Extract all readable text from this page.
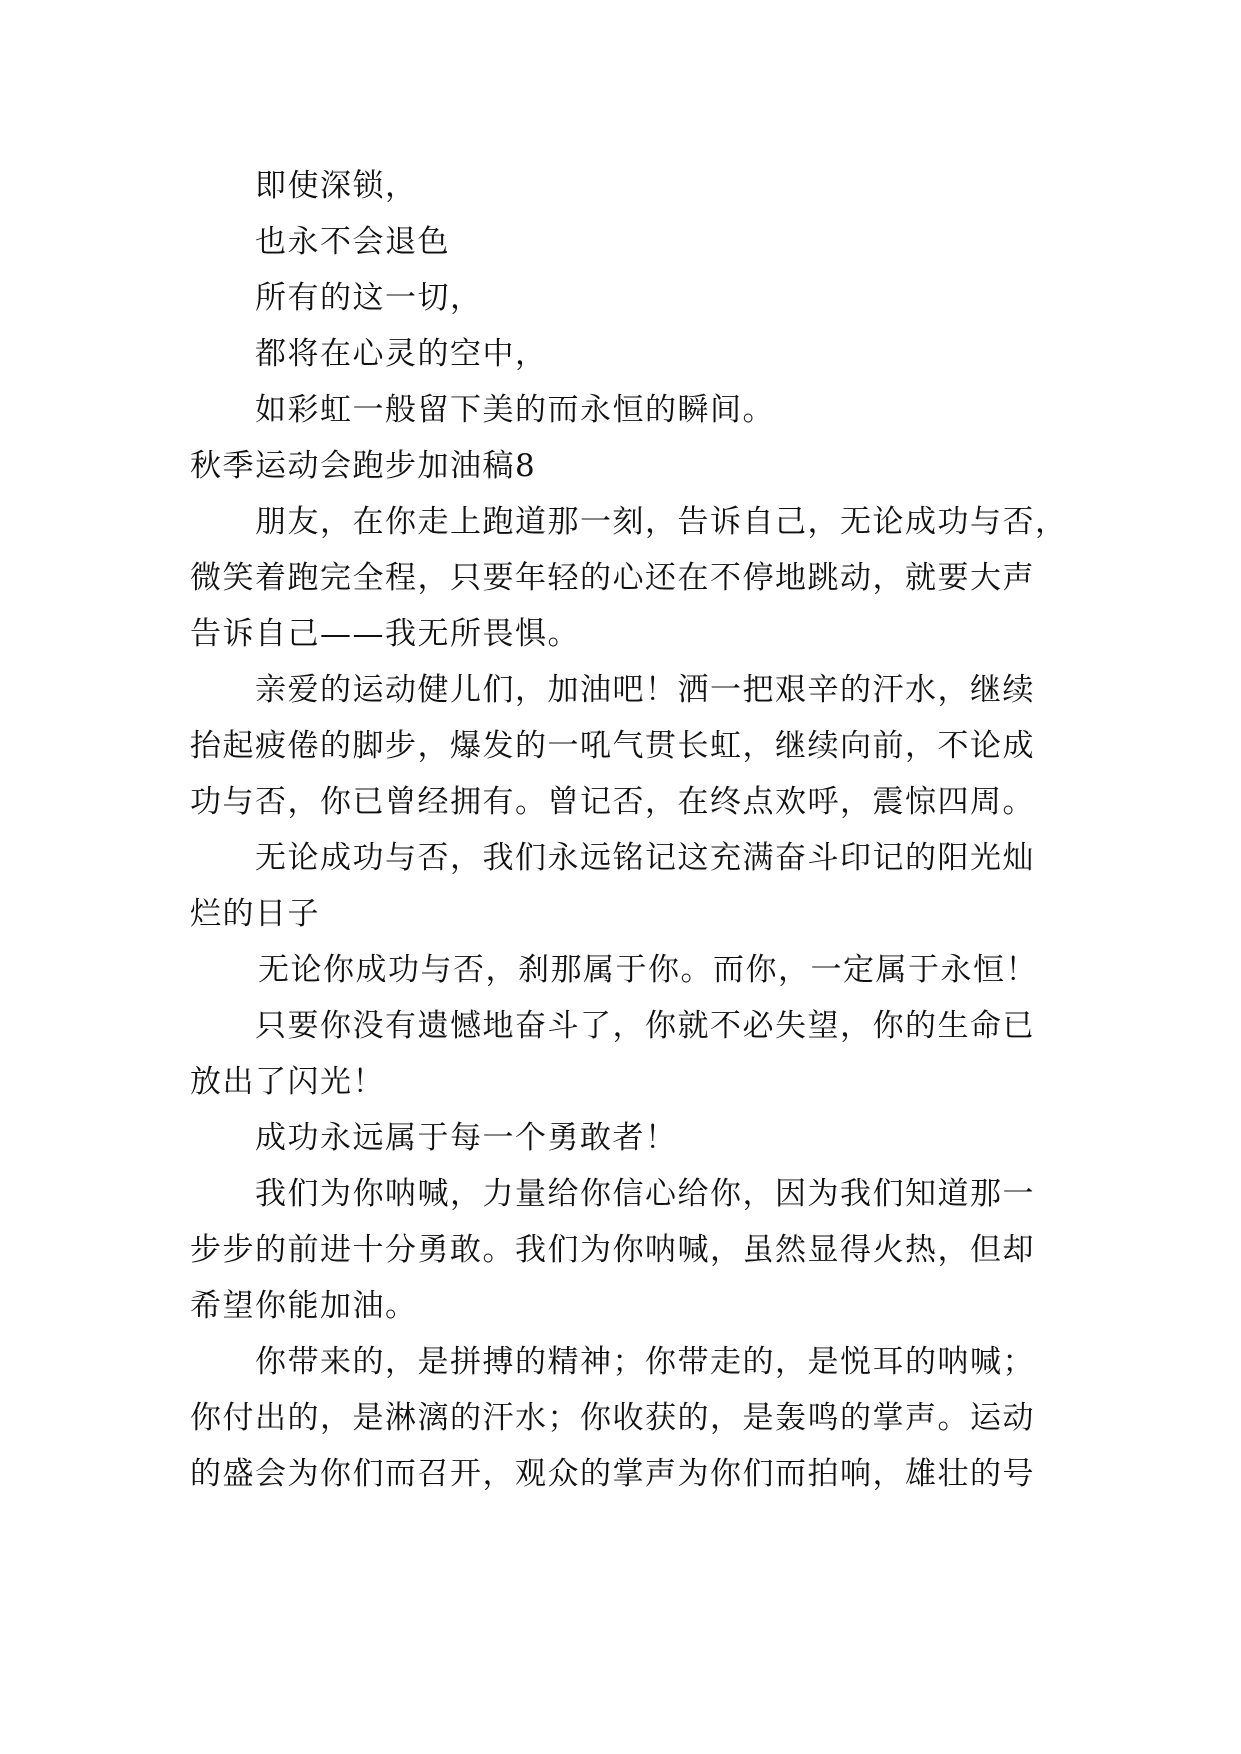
即使深锁，
也永不会退色
所有的这一切，
都将在心灵的空中，
如彩虹一般留下美的而永恒的瞬间。
秋季运动会跑步加油稿8
朋友，在你走上跑道那一刻，告诉自己，无论成功与否，
微笑着跑完全程，只要年轻的心还在不停地跳动，就要大声
告诉自己——我无所畏惧。
亲爱的运动健儿们，加油吧！洒一把艰辛的汗水，继续
抬起疲倦的脚步，爆发的一吼气贯长虹，继续向前，不论成
功与否，你已曾经拥有。曾记否，在终点欢呼，震惊四周。
无论成功与否，我们永远铭记这充满奋斗印记的阳光灿
烂的日子
无论你成功与否，刹那属于你。而你，一定属于永恒！
只要你没有遗憾地奋斗了，你就不必失望，你的生命已
放出了闪光！
成功永远属于每一个勇敢者！
我们为你呐喊，力量给你信心给你，因为我们知道那一
步步的前进十分勇敢。我们为你呐喊，虽然显得火热，但却
希望你能加油。
你带来的，是拼搏的精神；你带走的，是悦耳的呐喊；
你付出的，是淋漓的汗水；你收获的，是轰鸣的掌声。运动
的盛会为你们而召开，观众的掌声为你们而拍响，雄壮的号
